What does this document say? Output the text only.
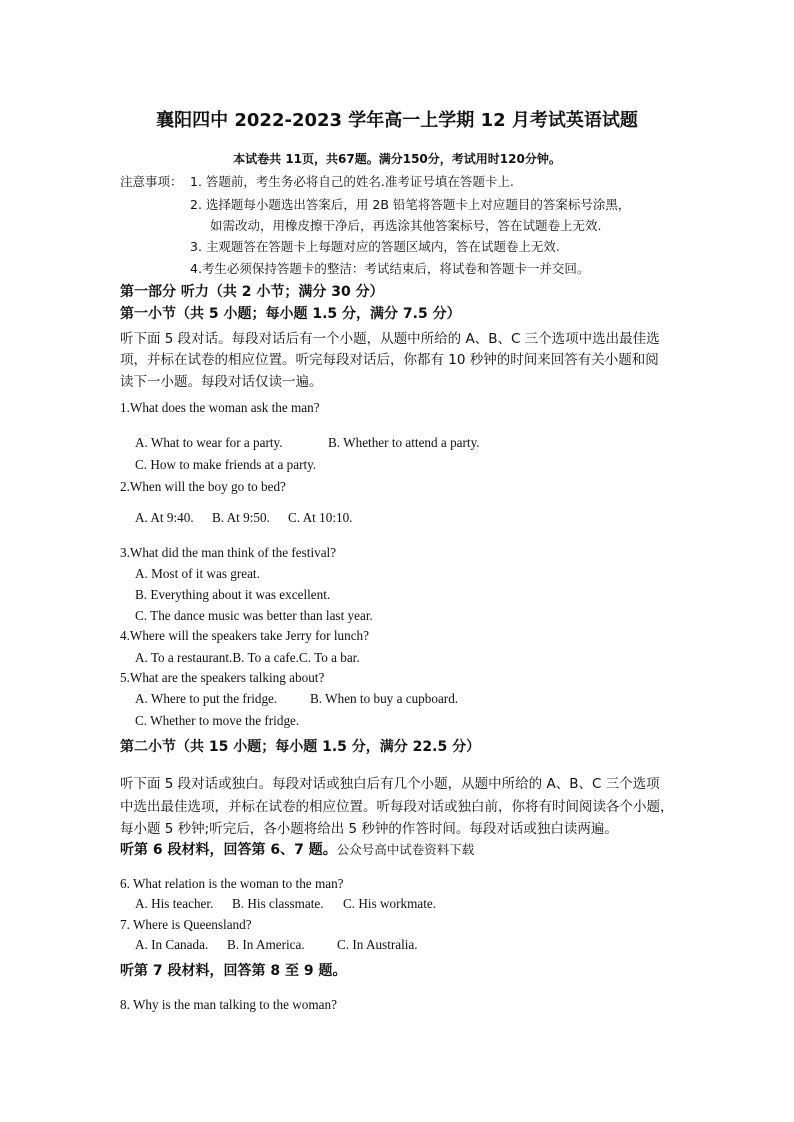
襄阳四中 2022-2023 学年高一上学期 12 月考试英语试题
本试卷共 11页，共67题。满分150分，考试用时120分钟。
注意事项： 1. 答题前，考生务必将自己的姓名.准考证号填在答题卡上.
2. 选择题每小题选出答案后，用 2B 铅笔将答题卡上对应题目的答案标号涂黑，
如需改动，用橡皮擦干净后，再选涂其他答案标号，答在试题卷上无效.
3. 主观题答在答题卡上每题对应的答题区域内，答在试题卷上无效.
4.考生必须保持答题卡的整洁：考试结束后，将试卷和答题卡一并交回。
第一部分 听力（共 2 小节；满分 30 分）
第一小节（共 5 小题；每小题 1.5 分，满分 7.5 分）
听下面 5 段对话。每段对话后有一个小题，从题中所给的 A、B、C 三个选项中选出最佳选
项，并标在试卷的相应位置。听完每段对话后，你都有 10 秒钟的时间来回答有关小题和阅
读下一小题。每段对话仅读一遍。
1.What does the woman ask the man?
A. What to wear for a party.	B. Whether to attend a party.
C. How to make friends at a party.
2.When will the boy go to bed?
A. At 9:40. B. At 9:50. C. At 10:10.
3.What did the man think of the festival?
A. Most of it was great.
B. Everything about it was excellent.
C. The dance music was better than last year.
4.Where will the speakers take Jerry for lunch?
A. To a restaurant.B. To a cafe.C. To a bar.
5.What are the speakers talking about?
A. Where to put the fridge. B. When to buy a cupboard.
C. Whether to move the fridge.
第二小节（共 15 小题；每小题 1.5 分，满分 22.5 分）
听下面 5 段对话或独白。每段对话或独白后有几个小题，从题中所给的 A、B、C 三个选项
中选出最佳选项，并标在试卷的相应位置。听每段对话或独白前，你将有时间阅读各个小题，
每小题 5 秒钟;听完后，各小题将给出 5 秒钟的作答时间。每段对话或独白读两遍。
听第 6 段材料，回答第 6、7 题。公众号高中试卷资料下载
6. What relation is the woman to the man?
A. His teacher. B. His classmate. C. His workmate.
7. Where is Queensland?
A. In Canada. B. In America. C. In Australia.
听第 7 段材料，回答第 8 至 9 题。
8. Why is the man talking to the woman?
